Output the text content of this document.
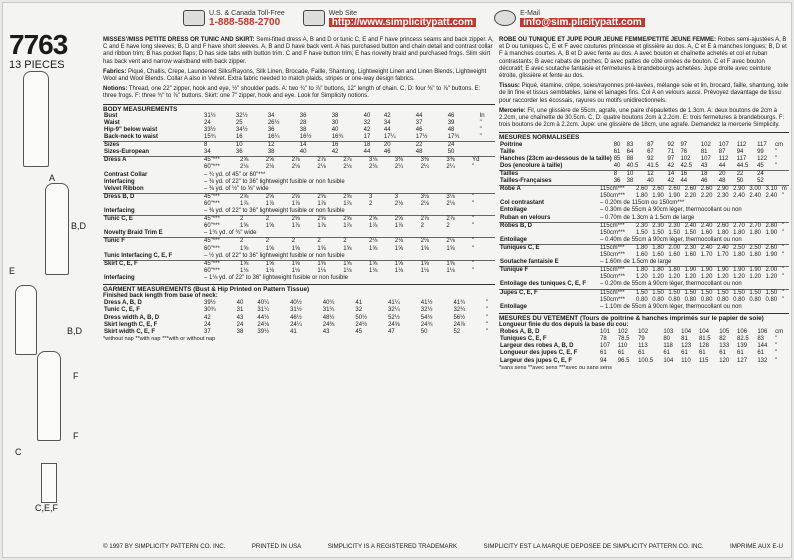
U.S. & Canada Toll-Free
1-888-588-2700
Web Site
http://www.simplicitypatt.com
E-Mail
info@sim.plicitypatt.com
7763
13 PIECES
A
B,D
E
B,D
F
C
F
C,E,F
MISSES'/MISS PETITE DRESS OR TUNIC AND SKIRT: Semi-fitted dress A, B and D or tunic C, E and F have princess seams and back zipper. A, C and E have long sleeves; B, D and F have short sleeves. A, B and D have back vent. A has purchased button and chain detail and contrast collar and ribbon trim; B has pocket flaps; D has side tabs with button trim. C and F have button trim; E has novelty braid and purchased frogs. Slim skirt has back vent and narrow waistband with back zipper.
Fabrics: Piqué, Challis, Crepe, Laundered Silks/Rayons, Silk Linen, Brocade, Faille, Shantung, Lightweight Linen and Linen Blends, Lightweight Wool and Wool Blends. Collar A also in Velvet. Extra fabric needed to match plaids, stripes or one-way design fabrics.
Notions: Thread, one 22" zipper, hook and eye, ½" shoulder pads. A: two ¾" to ⅞" buttons, 12" length of chain. C, D: four ⅜" to ⅞" buttons. E: three frogs. F: three ¾" to ⅞" buttons. Skirt: one 7" zipper, hook and eye. Look for Simplicity notions.
BODY MEASUREMENTS
Bust	31½	32½	34	36	38	40	42	44	46	In
Waist	24	25	26½	28	30	32	34	37	39	"
Hip-9" below waist	33½	34½	36	38	40	42	44	46	48	"
Back-neck to waist	15¾	16	16¼	16½	16¾	17	17¼	17½	17¾	"
Sizes	8	10	12	14	16	18	20	22	24	
Sizes-European	34	36	38	40	42	44	46	48	50	
Dress A	45"***	2⅝	2⅝	2⅞	2⅞	2⅞	3⅛	3⅜	3⅜	3⅜	Yd
	60"***	2⅛	2⅛	2⅛	2⅛	2⅛	2⅛	2¼	2¼	2¼	"
Contrast Collar	– ¾ yd. of 45" or 60"***										
Interfacing	– ⅜ yd. of 22" to 36" lightweight fusible or non fusible										
Velvet Ribbon	– ⅜ yd. of ½" to ⅝" wide										
Dress B, D	45"***	2⅝	2⅝	2⅝	2⅝	2⅝	3	3	3⅛	3⅛	"
	60"***	1⅞	1⅞	1⅞	1⅞	1⅞	2	2⅛	2⅛	2⅛	"
Interfacing	– ⅜ yd. of 22" to 36" lightweight fusible or non fusible										
Tunic C, E	45"***	2	2	2⅝	2⅝	2⅝	2⅝	2⅝	2⅞	2⅞	"
	60"***	1⅝	1⅝	1⅞	1⅞	1⅞	1⅞	1⅞	2	2	"
Novelty Braid Trim E	– 1¾ yd. of ¾" wide										
Tunic F	45"***	2	2	2	2	2	2⅛	2⅛	2⅛	2⅛	"
	60"***	1⅝	1⅝	1⅝	1⅝	1⅝	1⅝	1⅝	1⅝	1⅝	"
Tunic Interfacing C, E, F	– ½ yd. of 22" to 36" lightweight fusible or non fusible										
Skirt C, E, F	45"***	1⅝	1⅝	1⅝	1⅝	1⅝	1⅝	1⅝	1⅝	1⅝	"
	60"***	1⅛	1⅛	1⅛	1⅛	1⅛	1⅛	1⅛	1⅛	1⅛	"
Interfacing	– 1⅛ yd. of 22" to 36" lightweight fusible or non fusible										
GARMENT MEASUREMENTS (Bust & Hip Printed on Pattern Tissue)
Finished back length from base of neck:
Dress A, B, D	39½	40	40¼	40½	40¾	41	41¼	41½	41¾	"
Tunic C, E, F	30¾	31	31¼	31½	31¾	32	32¼	32½	32¾	"
Dress width A, B, D	42	43	44½	46½	48½	50½	52½	54½	56½	"
Skirt length C, E, F	24	24	24⅛	24¼	24⅜	24½	24⅝	24¾	24⅞	"
Skirt width C, E, F	37	38	39½	41	43	45	47	50	52	"
*without nap **with nap ***with or without nap
ROBE OU TUNIQUE ET JUPE POUR JEUNE FEMME/PETITE JEUNE FEMME: Robes semi-ajustées A, B et D ou tuniques C, E et F avec coutures princesse et glissière au dos. A, C et E à manches longues; B, D et F à manches courtes. A, B et D avec fente au dos. A avec bouton et chaînette achetés et col et ruban contrastants; B avec rabats de poches; D avec pattes de côté ornées de bouton. C et F avec bouton décoratif; E avec soutache fantaisie et fermetures à brandebourgs achetées. Jupe droite avec ceinture étroite, glissière et fente au dos.
Tissus: Piqué, étamine, crêpe, soies/rayonnes pré-lavées, mélange soie et lin, brocard, faille, shantung, toile de lin fine et tissus semblables, laine et lainages fins. Col A en velours aussi. Prévoyez davantage de tissu pour raccorder les écossais, rayures ou motifs unidirectionnels.
Mercerie: Fil, une glissière de 55cm, agrafe, une paire d'épaulettes de 1.3cm. A: deux boutons de 2cm à 2.2cm, une chaînette de 30.5cm. C, D: quatre boutons 2cm à 2.2cm. E: trois fermetures à brandebourgs. F: trois boutons de 2cm à 2.2cm. Jupe: une glissière de 18cm, une agrafe. Demandez la mercerie Simplicity.
MESURES NORMALISEES
Poitrine	80	83	87	92	97	102	107	112	117	cm
Taille	61	64	67	71	76	81	87	94	99	"
Hanches (23cm au-dessous de la taille)	85	88	92	97	102	107	112	117	122	"
Dos (encolure à taille)	40	40.5	41.5	42	42.5	43	44	44.5	45	"
Tailles	8	10	12	14	16	18	20	22	24	
Tailles-Françaises	36	38	40	42	44	46	48	50	52	
Robe A	115cm***	2.60	2.60	2.60	2.60	2.60	2.90	2.90	3.00	3.10	m
	150cm***	1.80	1.90	1.90	2.20	2.20	2.30	2.40	2.40	2.40	"
Col contrastant	– 0.20m de 115cm ou 150cm***										
Entoilage	– 0.30m de 55cm à 90cm léger, thermocollant ou non										
Ruban en velours	– 0.70m de 1.3cm à 1.5cm de large										
Robes B, D	115cm***	2.30	2.30	2.30	2.40	2.40	2.60	2.70	2.70	2.80	"
	150cm***	1.50	1.50	1.50	1.50	1.60	1.80	1.80	1.80	1.90	"
Entoilage	– 0.40m de 55cm à 90cm léger, thermocollant ou non										
Tuniques C, E	115cm***	1.80	1.80	2.00	2.30	2.40	2.40	2.50	2.50	2.60	"
	150cm***	1.60	1.60	1.60	1.60	1.70	1.70	1.80	1.80	1.90	"
Soutache fantaisie E	– 1.60m de 1.5cm de large										
Tunique F	115cm***	1.80	1.80	1.80	1.90	1.90	1.90	1.90	1.90	2.00	"
	150cm***	1.20	1.20	1.20	1.20	1.20	1.20	1.20	1.20	1.20	"
Entoilage des tuniques C, E, F	– 0.20m de 55cm à 90cm léger, thermocollant ou non										
Jupes C, E, F	115cm***	1.50	1.50	1.50	1.50	1.50	1.50	1.50	1.50	1.50	"
	150cm***	0.80	0.80	0.80	0.80	0.80	0.80	0.80	0.80	0.80	"
Entoilage	– 1.10m de 55cm à 90cm léger, thermocollant ou non										
MESURES DU VETEMENT (Tours de poitrine & hanches imprimés sur le papier de soie)
Longueur finie du dos depuis la base du cou:
Robes A, B, D	101	102	102	103	104	104	105	106	106	cm
Tuniques C, E, F	78	78.5	79	80	81	81.5	82	82.5	83	"
Largeur des robes A, B, D	107	110	113	118	123	128	133	139	144	"
Longueur des jupes C, E, F	61	61	61	61	61	61	61	61	61	"
Largeur des jupes C, E, F	94	96.5	100.5	104	110	115	120	127	132	"
*sans sens **avec sens ***avec ou sans sens
© 1997 BY SIMPLICITY PATTERN CO. INC.	PRINTED IN USA	SIMPLICITY IS A REGISTERED TRADEMARK	SIMPLICITY EST LA MARQUE DEPOSEE DE SIMPLICITY PATTERN CO. INC.	IMPRIME AUX E-U
